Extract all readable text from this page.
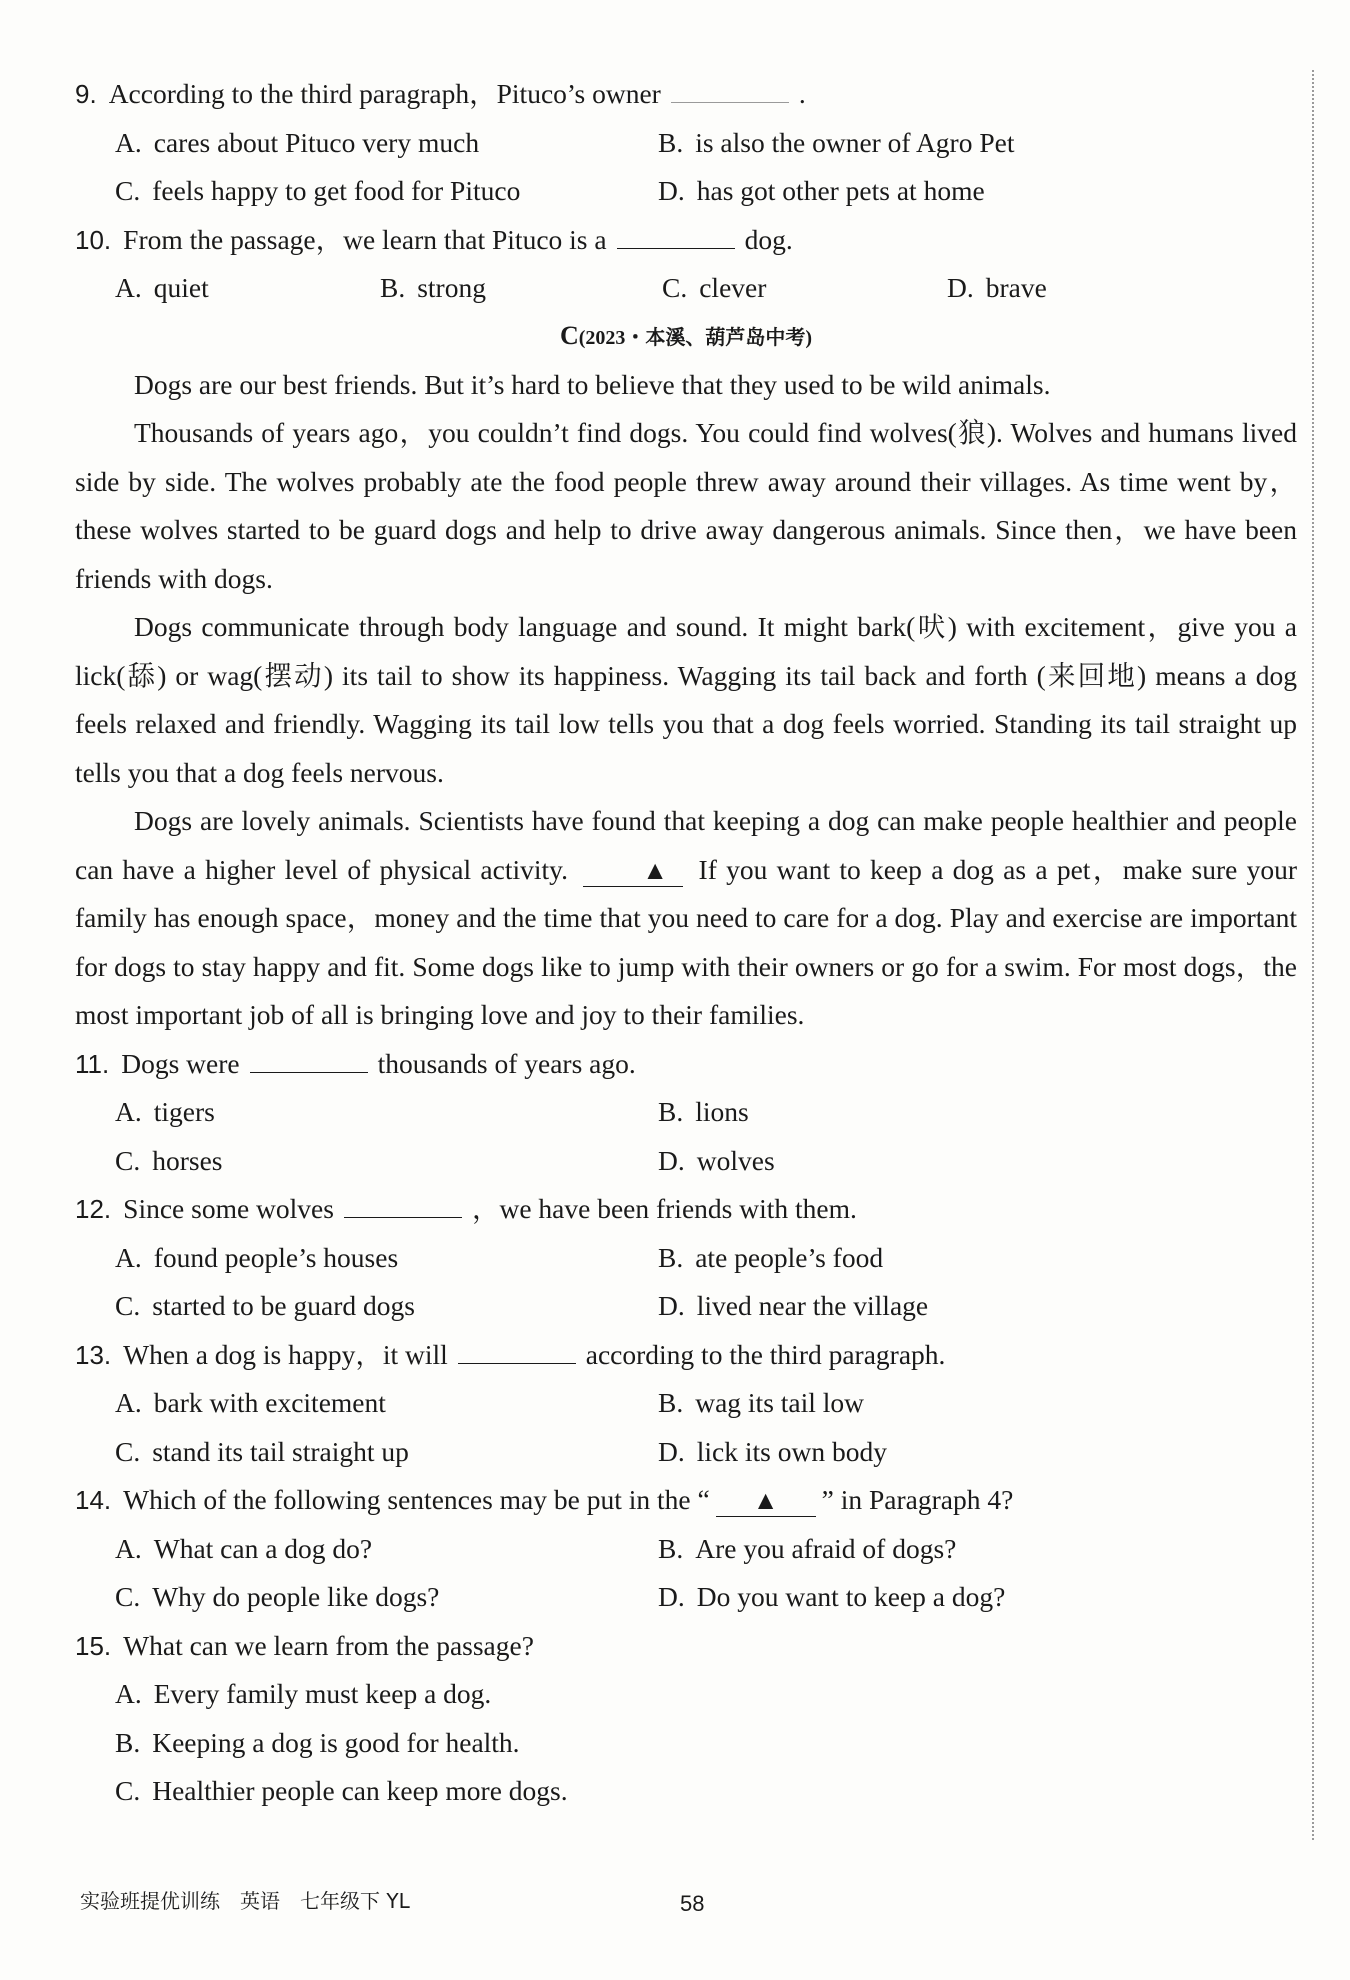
9. According to the third paragraph，Pituco’s owner	.
A. cares about Pituco very much	B. is also the owner of Agro Pet
C. feels happy to get food for Pituco	D. has got other pets at home
10. From the passage，we learn that Pituco is a	dog.
A. quiet	B. strong	C. clever	D. brave
C(2023・本溪、葫芦岛中考)
Dogs are our best friends. But it’s hard to believe that they used to be wild animals.
Thousands of years ago，you couldn’t find dogs. You could find wolves(狼). Wolves and humans lived side by side. The wolves probably ate the food people threw away around their villages. As time went by，these wolves started to be guard dogs and help to drive away dangerous animals. Since then，we have been friends with dogs.
Dogs communicate through body language and sound. It might bark(吠) with excitement，give you a lick(舔) or wag(摆动) its tail to show its happiness. Wagging its tail back and forth (来回地) means a dog feels relaxed and friendly. Wagging its tail low tells you that a dog feels worried. Standing its tail straight up tells you that a dog feels nervous.
Dogs are lovely animals. Scientists have found that keeping a dog can make people healthier and people can have a higher level of physical activity.	▲ If you want to keep a dog as a pet，make sure your family has enough space，money and the time that you need to care for a dog. Play and exercise are important for dogs to stay happy and fit. Some dogs like to jump with their owners or go for a swim. For most dogs，the most important job of all is bringing love and joy to their families.
11. Dogs were	thousands of years ago.
A. tigers	B. lions
C. horses	D. wolves
12. Since some wolves	，we have been friends with them.
A. found people’s houses	B. ate people’s food
C. started to be guard dogs	D. lived near the village
13. When a dog is happy，it will	according to the third paragraph.
A. bark with excitement	B. wag its tail low
C. stand its tail straight up	D. lick its own body
14. Which of the following sentences may be put in the “	▲	” in Paragraph 4?
A. What can a dog do?	B. Are you afraid of dogs?
C. Why do people like dogs?	D. Do you want to keep a dog?
15. What can we learn from the passage?
A. Every family must keep a dog.
B. Keeping a dog is good for health.
C. Healthier people can keep more dogs.
实验班提优训练　英语　七年级下 YL	58
